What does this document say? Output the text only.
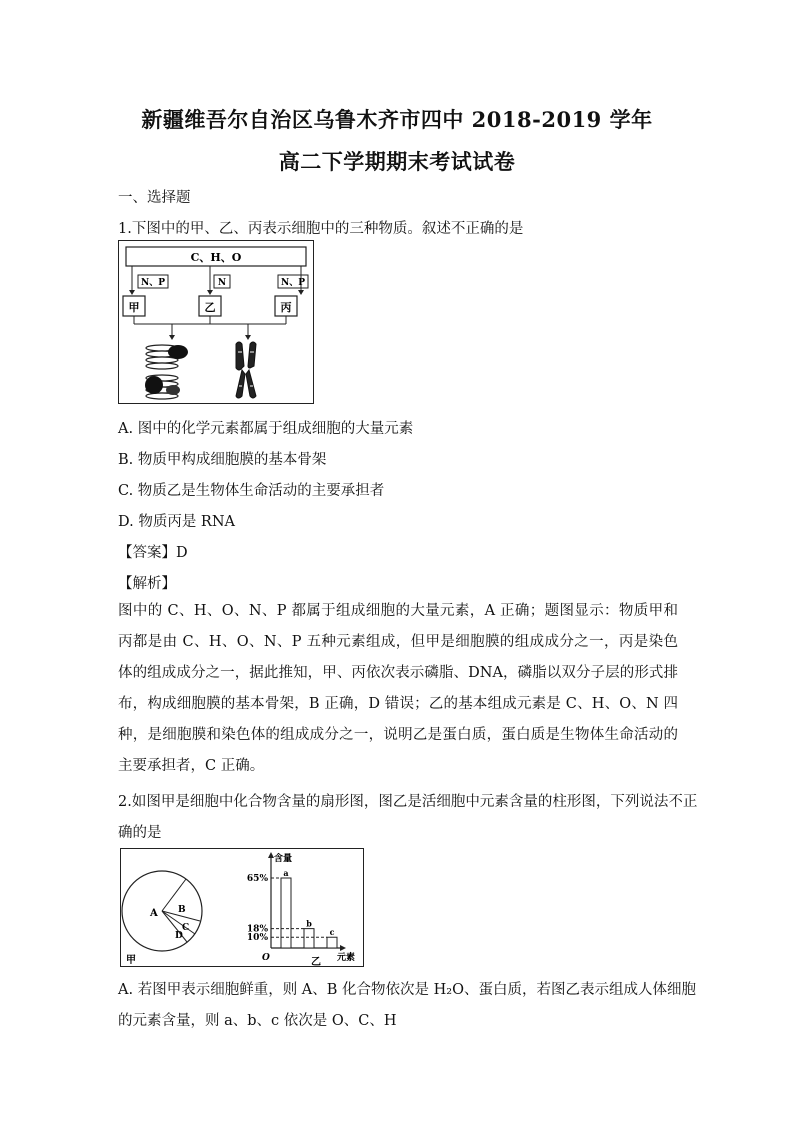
新疆维吾尔自治区乌鲁木齐市四中 2018-2019 学年
高二下学期期末考试试卷
一、选择题
1.下图中的甲、乙、丙表示细胞中的三种物质。叙述不正确的是
C、H、O
N、P	N	N、P
甲	乙	丙
A. 图中的化学元素都属于组成细胞的大量元素
B. 物质甲构成细胞膜的基本骨架
C. 物质乙是生物体生命活动的主要承担者
D. 物质丙是 RNA
【答案】D
【解析】
图中的 C、H、O、N、P 都属于组成细胞的大量元素，A 正确；题图显示：物质甲和丙都是由 C、H、O、N、P 五种元素组成，但甲是细胞膜的组成成分之一，丙是染色体的组成成分之一，据此推知，甲、丙依次表示磷脂、DNA，磷脂以双分子层的形式排布，构成细胞膜的基本骨架，B 正确，D 错误；乙的基本组成元素是 C、H、O、N 四种，是细胞膜和染色体的组成成分之一，说明乙是蛋白质，蛋白质是生物体生命活动的主要承担者，C 正确。
2.如图甲是细胞中化合物含量的扇形图，图乙是活细胞中元素含量的柱形图，下列说法不正
确的是
A B
C
D
甲
含量
元素
O	乙
a
65%
b
18%	c
10%
A. 若图甲表示细胞鲜重，则 A、B 化合物依次是 H₂O、蛋白质，若图乙表示组成人体细胞
的元素含量，则 a、b、c 依次是 O、C、H
